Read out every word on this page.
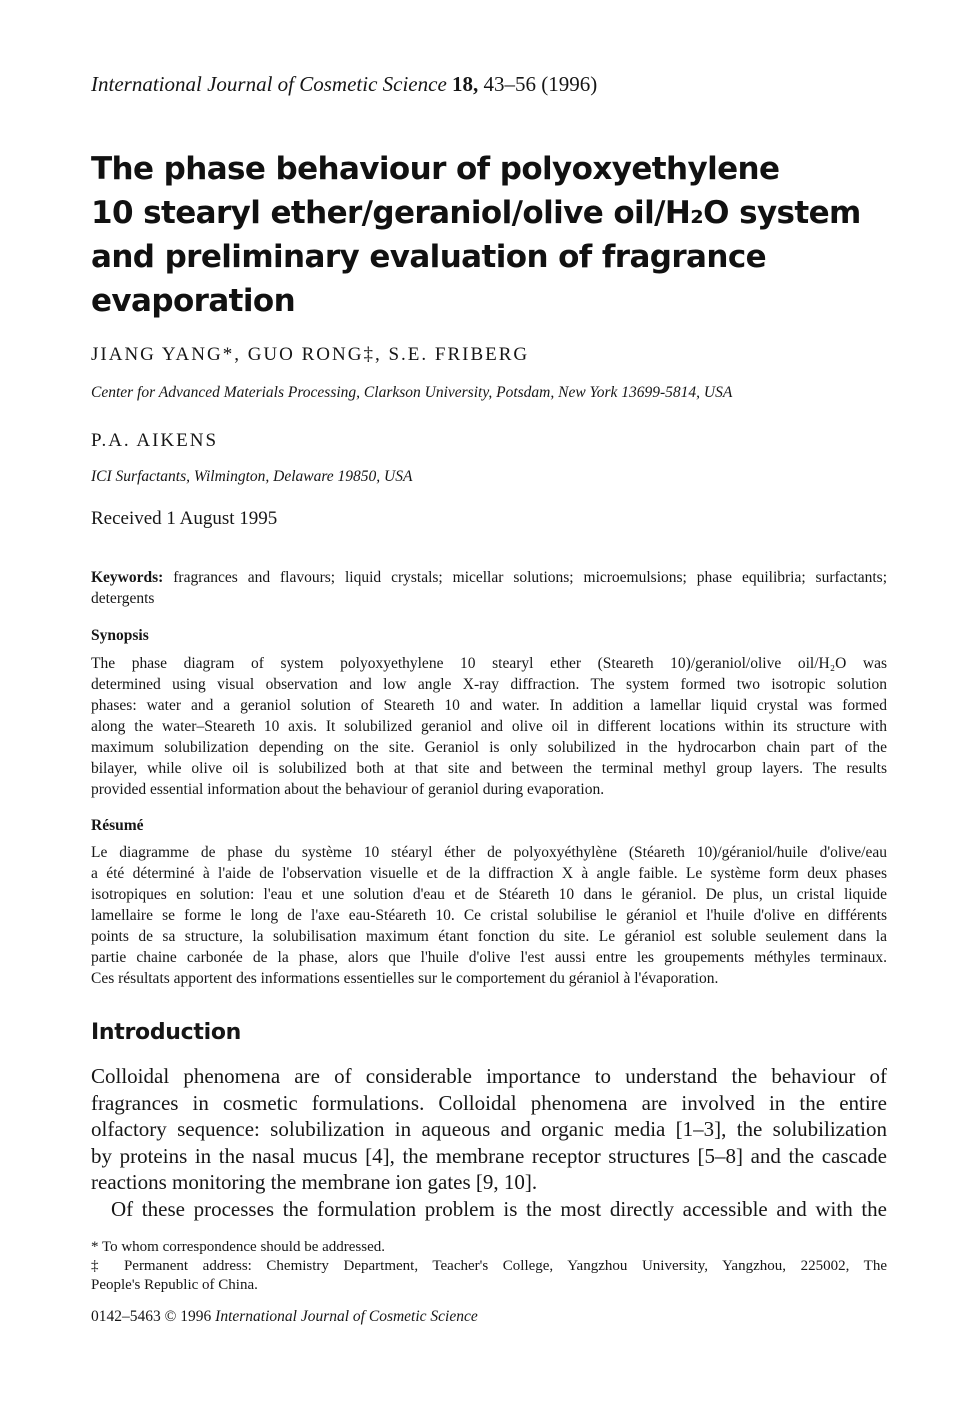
International Journal of Cosmetic Science 18, 43–56 (1996)
The phase behaviour of polyoxyethylene
10 stearyl ether/geraniol/olive oil/H₂O system
and preliminary evaluation of fragrance
evaporation
JIANG YANG*, GUO RONG‡, S.E. FRIBERG
Center for Advanced Materials Processing, Clarkson University, Potsdam, New York 13699-5814, USA
P.A. AIKENS
ICI Surfactants, Wilmington, Delaware 19850, USA
Received 1 August 1995
Keywords: fragrances and flavours; liquid crystals; micellar solutions; microemulsions; phase equilibria; surfactants; detergents
Synopsis
The phase diagram of system polyoxyethylene 10 stearyl ether (Steareth 10)/geraniol/olive oil/H₂O was
determined using visual observation and low angle X-ray diffraction. The system formed two isotropic solution
phases: water and a geraniol solution of Steareth 10 and water. In addition a lamellar liquid crystal was formed
along the water–Steareth 10 axis. It solubilized geraniol and olive oil in different locations within its structure with
maximum solubilization depending on the site. Geraniol is only solubilized in the hydrocarbon chain part of the
bilayer, while olive oil is solubilized both at that site and between the terminal methyl group layers. The results
provided essential information about the behaviour of geraniol during evaporation.
Résumé
Le diagramme de phase du système 10 stéaryl éther de polyoxyéthylène (Stéareth 10)/géraniol/huile d'olive/eau
a été déterminé à l'aide de l'observation visuelle et de la diffraction X à angle faible. Le système form deux phases
isotropiques en solution: l'eau et une solution d'eau et de Stéareth 10 dans le géraniol. De plus, un cristal liquide
lamellaire se forme le long de l'axe eau-Stéareth 10. Ce cristal solubilise le géraniol et l'huile d'olive en différents
points de sa structure, la solubilisation maximum étant fonction du site. Le géraniol est soluble seulement dans la
partie chaine carbonée de la phase, alors que l'huile d'olive l'est aussi entre les groupements méthyles terminaux.
Ces résultats apportent des informations essentielles sur le comportement du géraniol à l'évaporation.
Introduction
Colloidal phenomena are of considerable importance to understand the behaviour of
fragrances in cosmetic formulations. Colloidal phenomena are involved in the entire
olfactory sequence: solubilization in aqueous and organic media [1–3], the solubilization
by proteins in the nasal mucus [4], the membrane receptor structures [5–8] and the cascade
reactions monitoring the membrane ion gates [9, 10].
Of these processes the formulation problem is the most directly accessible and with the
* To whom correspondence should be addressed.
‡ Permanent address: Chemistry Department, Teacher's College, Yangzhou University, Yangzhou, 225002, The
People's Republic of China.
0142–5463 © 1996 International Journal of Cosmetic Science
